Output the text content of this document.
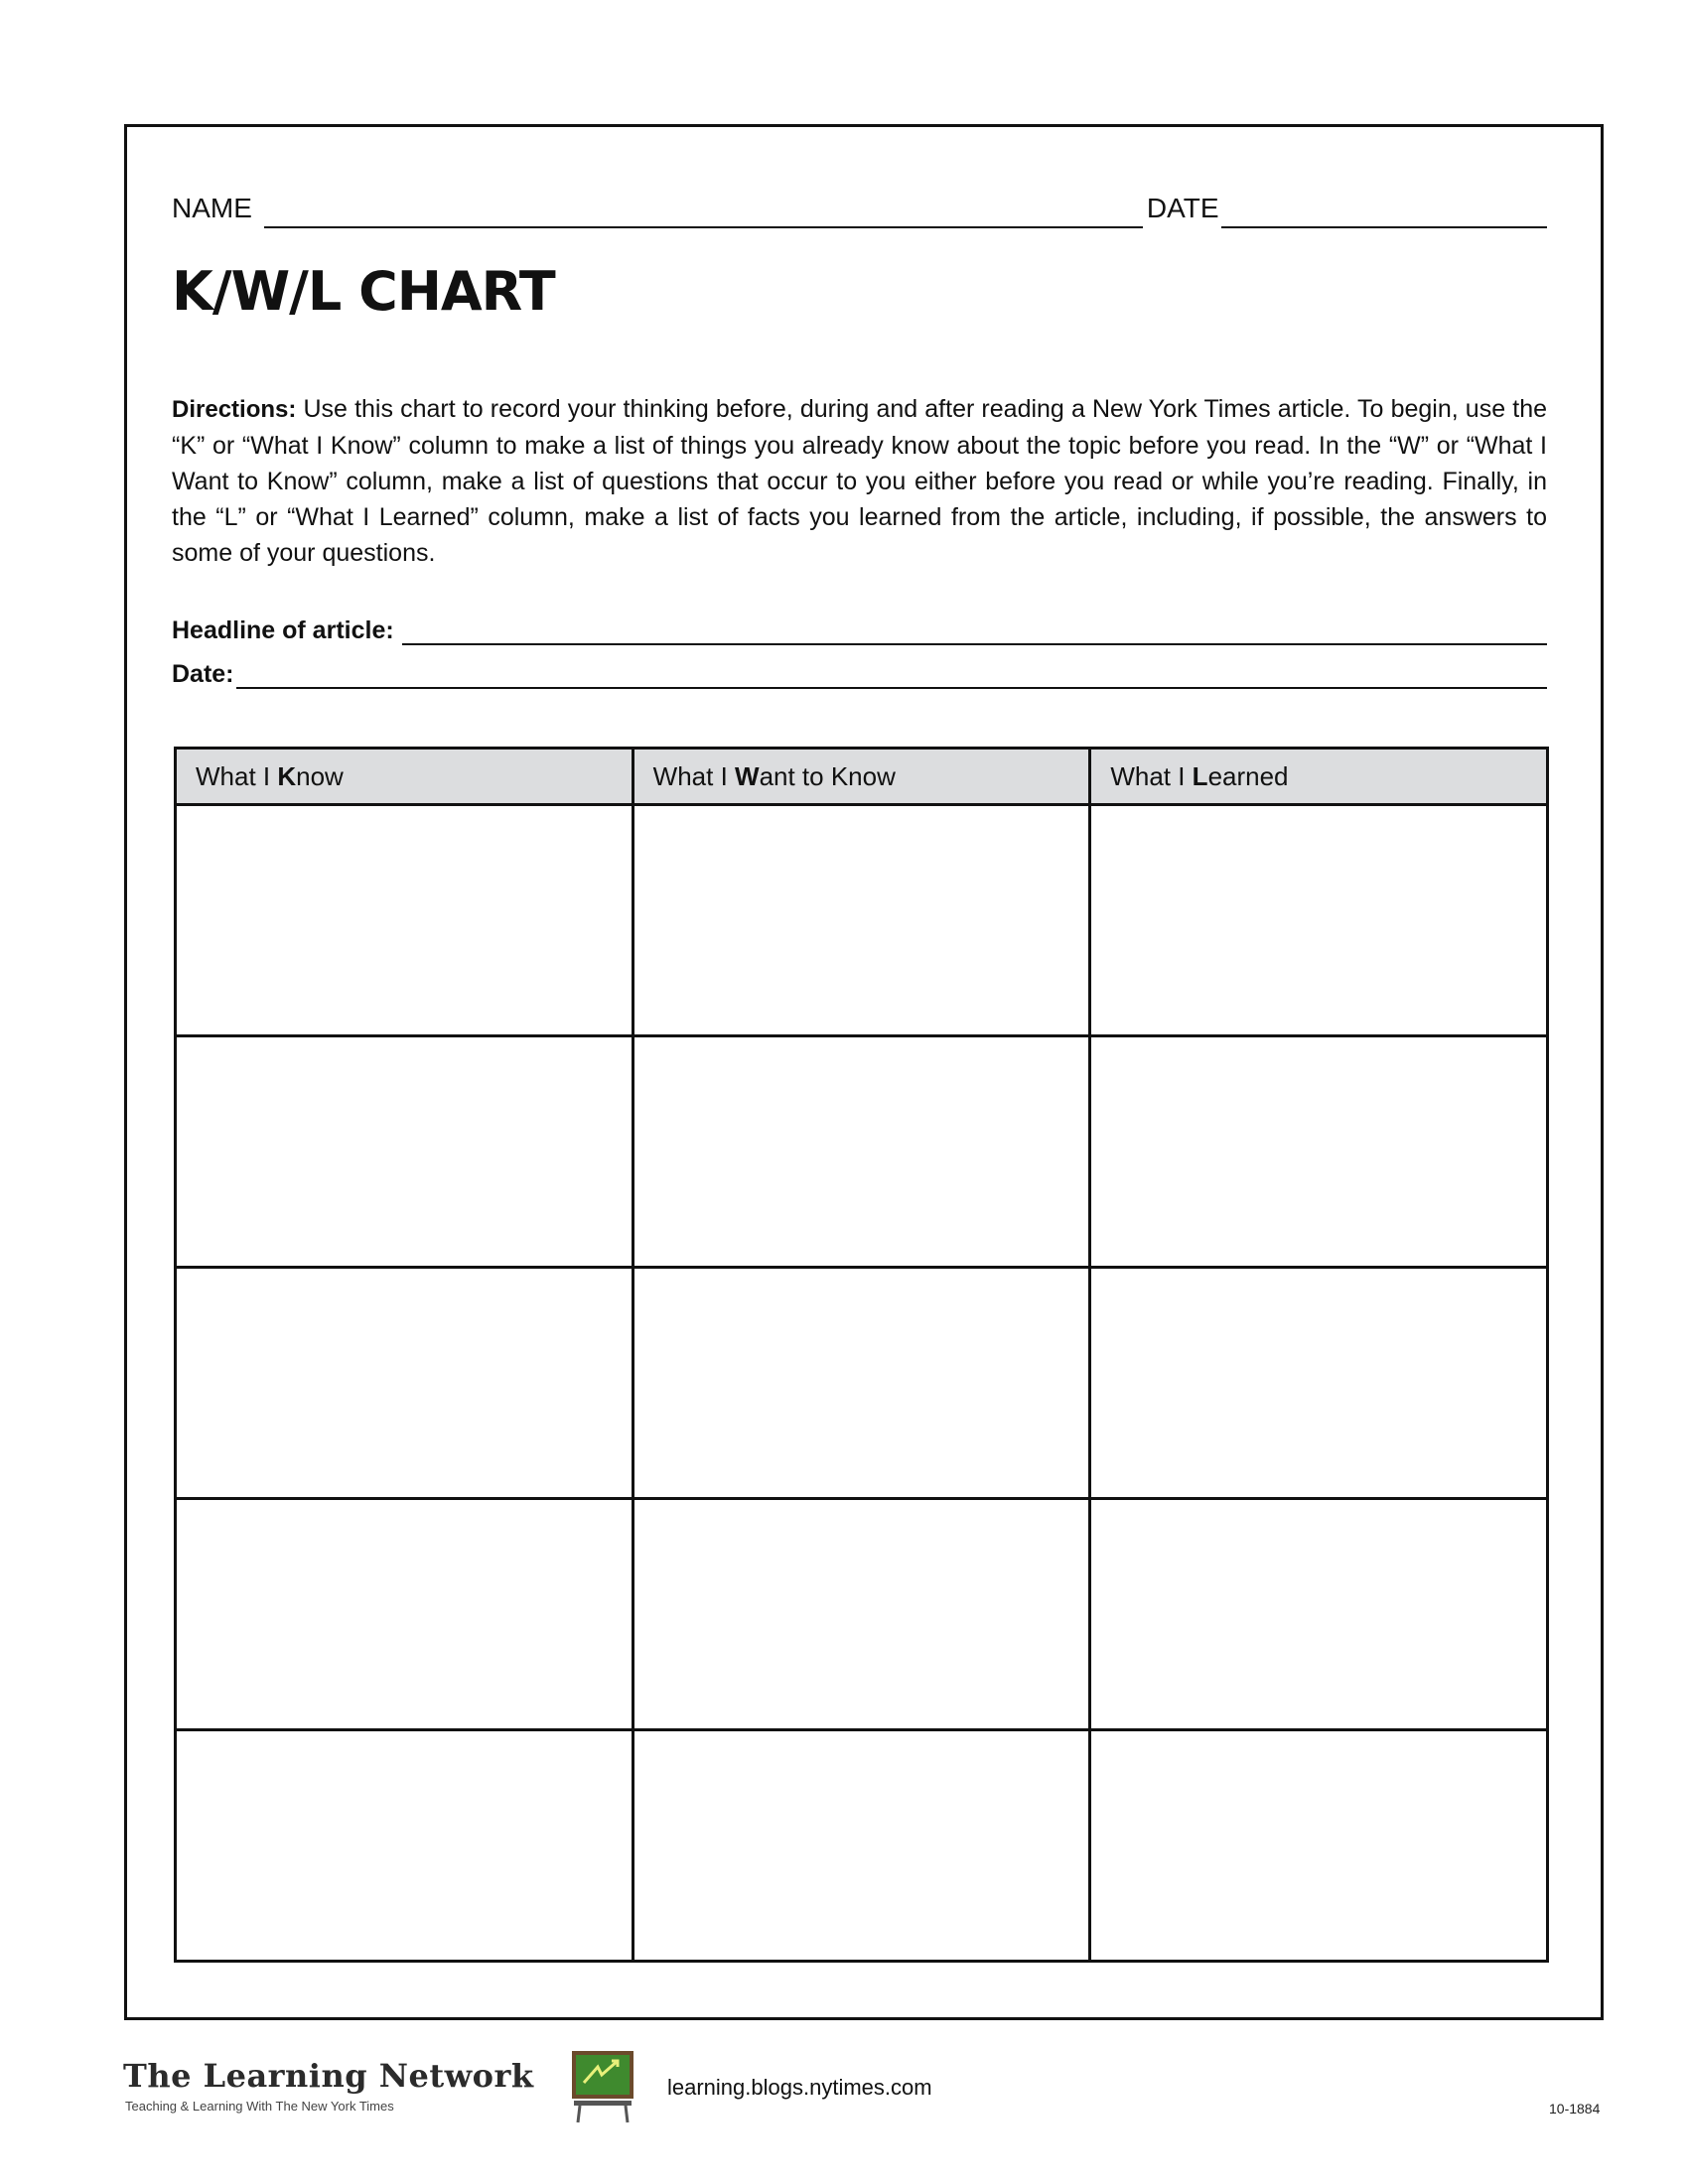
NAME	DATE
K/W/L CHART

Directions: Use this chart to record your thinking before, during and after reading a New York Times article. To begin, use the “K” or “What I Know” column to make a list of things you already know about the topic before you read. In the “W” or “What I Want to Know” column, make a list of questions that occur to you either before you read or while you’re reading. Finally, in the “L” or “What I Learned” column, make a list of facts you learned from the article, including, if possible, the answers to some of your questions.

Headline of article:
Date:
What I Know	What I Want to Know	What I Learned

The Learning Network
Teaching & Learning With The New York Times
learning.blogs.nytimes.com
10-1884
